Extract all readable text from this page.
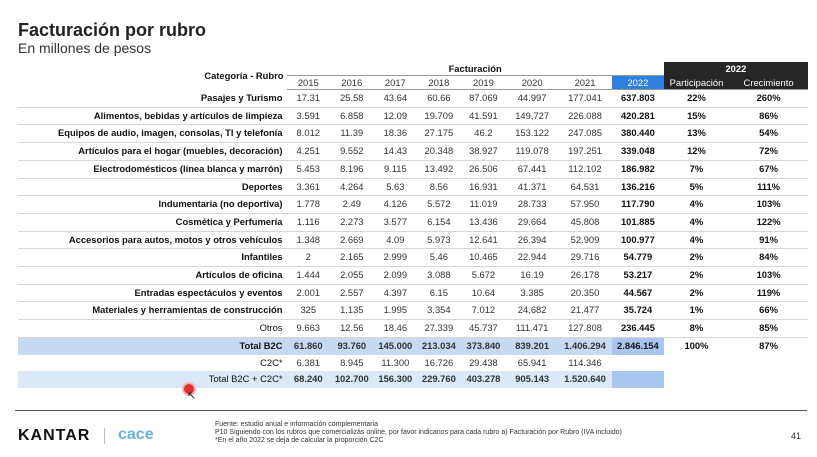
Facturación por rubro
En millones de pesos
Categoría - Rubro	Facturación								2022	
	2015	2016	2017	2018	2019	2020	2021	2022	Participación	Crecimiento
Pasajes y Turismo	17.31	25.58	43.64	60.66	87.069	44.997	177.041	637.803	22%	260%
Alimentos, bebidas y artículos de limpieza	3.591	6.858	12.09	19.709	41.591	149,727	226.088	420.281	15%	86%
Equipos de audio, imagen, consolas, TI y telefonía	8.012	11.39	18.36	27.175	46.2	153.122	247.085	380.440	13%	54%
Artículos para el hogar (muebles, decoración)	4.251	9.552	14.43	20.348	38.927	119.078	197.251	339.048	12%	72%
Electrodomésticos (línea blanca y marrón)	5.453	8.196	9.115	13.492	26.506	67.441	112.102	186.982	7%	67%
Deportes	3.361	4.264	5.63	8.56	16.931	41.371	64.531	136.216	5%	111%
Indumentaria (no deportiva)	1.778	2.49	4.126	5.572	11.019	28.733	57.950	117.790	4%	103%
Cosmética y Perfumería	1.116	2.273	3.577	6.154	13.436	29.664	45.808	101.885	4%	122%
Accesorios para autos, motos y otros vehículos	1.348	2.669	4.09	5.973	12.641	26.394	52.909	100.977	4%	91%
Infantiles	2	2.165	2.999	5.46	10.465	22.944	29.716	54.779	2%	84%
Artículos de oficina	1.444	2.055	2.099	3.088	5.672	16.19	26.178	53.217	2%	103%
Entradas espectáculos y eventos	2.001	2.557	4.397	6.15	10.64	3.385	20.350	44.567	2%	119%
Materiales y herramientas de construcción	325	1.135	1.995	3.354	7.012	24,682	21.477	35.724	1%	66%
Otros	9.663	12.56	18.46	27.339	45.737	111.471	127.808	236.445	8%	85%
Total B2C	61.860	93.760	145.000	213.034	373.840	839.201	1.406.294	2.846.154	100%	87%
C2C*	6.381	8.945	11.300	16.726	29.438	65.941	114.346			
Total B2C + C2C*	68.240	102.700	156.300	229.760	403.278	905.143	1.520.640			
↖
KANTAR cace
Fuente: estudio anual e información complementaria
P10 Siguiendo con los rubros que comercializás online, por favor indicanos para cada rubro a) Facturación por Rubro (IVA incluido)
*En el año 2022 se deja de calcular la proporción C2C	41
